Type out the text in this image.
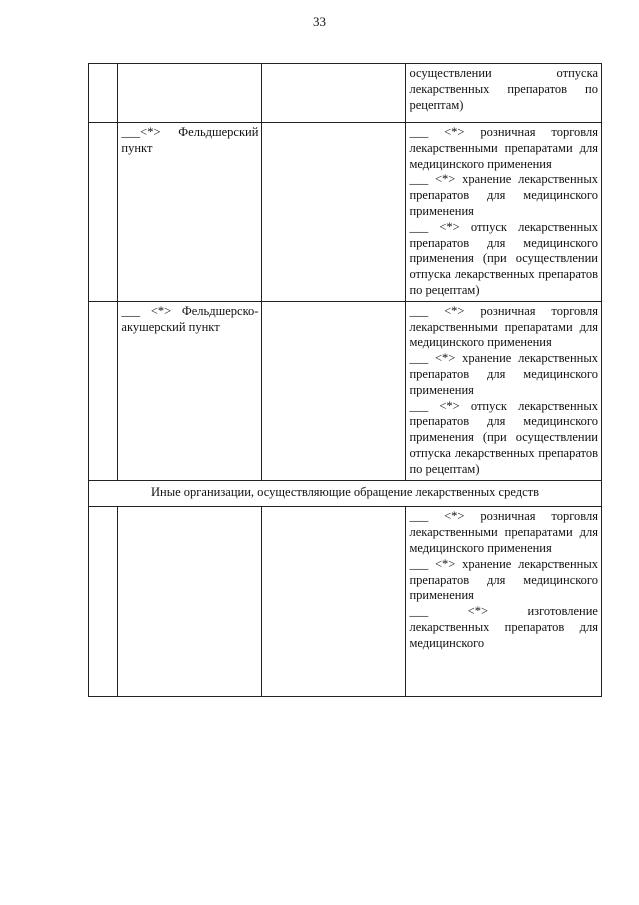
33

			осуществлении отпуска лекарственных препаратов по рецептам)

	___<*> Фельдшерский пункт		___ <*> розничная торговля лекарственными препаратами для медицинского применения
___ <*> хранение лекарственных препаратов для медицинского применения
___ <*> отпуск лекарственных препаратов для медицинского применения (при осуществлении отпуска лекарственных препаратов по рецептам)

	___ <*> Фельдшерско-акушерский пункт		___ <*> розничная торговля лекарственными препаратами для медицинского применения
___ <*> хранение лекарственных препаратов для медицинского применения
___ <*> отпуск лекарственных препаратов для медицинского применения (при осуществлении отпуска лекарственных препаратов по рецептам)

Иные организации, осуществляющие обращение лекарственных средств			

			___ <*> розничная торговля лекарственными препаратами для медицинского применения
___ <*> хранение лекарственных препаратов для медицинского применения
___ <*> изготовление лекарственных препаратов для медицинского
